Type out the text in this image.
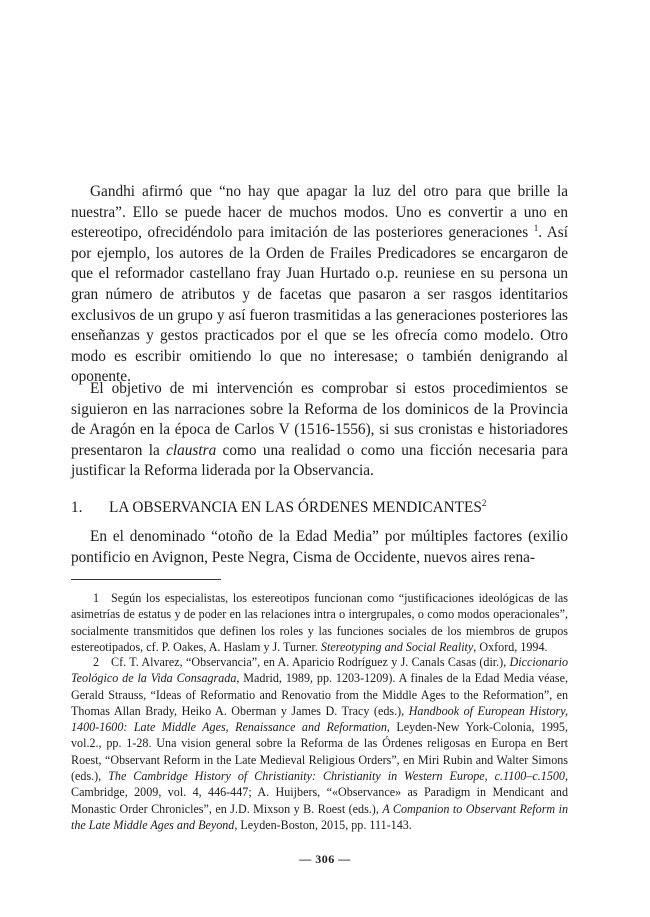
Gandhi afirmó que “no hay que apagar la luz del otro para que brille la nuestra”. Ello se puede hacer de muchos modos. Uno es convertir a uno en estereotipo, ofrecidéndolo para imitación de las posteriores generaciones $^1$. Así por ejemplo, los autores de la Orden de Frailes Predicadores se encargaron de que el reformador castellano fray Juan Hurtado o.p. reuniese en su persona un gran número de atributos y de facetas que pasaron a ser rasgos identitarios exclusivos de un grupo y así fueron trasmitidas a las generaciones posteriores las enseñanzas y gestos practicados por el que se les ofrecía como modelo. Otro modo es escribir omitiendo lo que no interesase; o también denigrando al oponente.

El objetivo de mi intervención es comprobar si estos procedimientos se siguieron en las narraciones sobre la Reforma de los dominicos de la Provincia de Aragón en la época de Carlos V (1516-1556), si sus cronistas e historiadores presentaron la claustra como una realidad o como una ficción necesaria para justificar la Reforma liderada por la Observancia.

1. LA OBSERVANCIA EN LAS ÓRDENES MENDICANTES$^2$

En el denominado “otoño de la Edad Media” por múltiples factores (exilio pontificio en Avignon, Peste Negra, Cisma de Occidente, nuevos aires rena-

1 Según los especialistas, los estereotipos funcionan como “justificaciones ideológicas de las asimetrías de estatus y de poder en las relaciones intra o intergrupales, o como modos operacionales”, socialmente transmitidos que definen los roles y las funciones sociales de los miembros de grupos estereotipados, cf. P. Oakes, A. Haslam y J. Turner. Stereotyping and Social Reality, Oxford, 1994.

2 Cf. T. Alvarez, “Observancia”, en A. Aparicio Rodríguez y J. Canals Casas (dir.), Diccionario Teológico de la Vida Consagrada, Madrid, 1989, pp. 1203-1209). A finales de la Edad Media véase, Gerald Strauss, “Ideas of Reformatio and Renovatio from the Middle Ages to the Reformation”, en Thomas Allan Brady, Heiko A. Oberman y James D. Tracy (eds.), Handbook of European History, 1400-1600: Late Middle Ages, Renaissance and Reformation, Leyden-New York-Colonia, 1995, vol.2., pp. 1-28. Una vision general sobre la Reforma de las Órdenes religosas en Europa en Bert Roest, “Observant Reform in the Late Medieval Religious Orders”, en Miri Rubin and Walter Simons (eds.), The Cambridge History of Christianity: Christianity in Western Europe, c.1100–c.1500, Cambridge, 2009, vol. 4, 446-447; A. Huijbers, “«Observance» as Paradigm in Mendicant and Monastic Order Chronicles”, en J.D. Mixson y B. Roest (eds.), A Companion to Observant Reform in the Late Middle Ages and Beyond, Leyden-Boston, 2015, pp. 111-143.

— 306 —
